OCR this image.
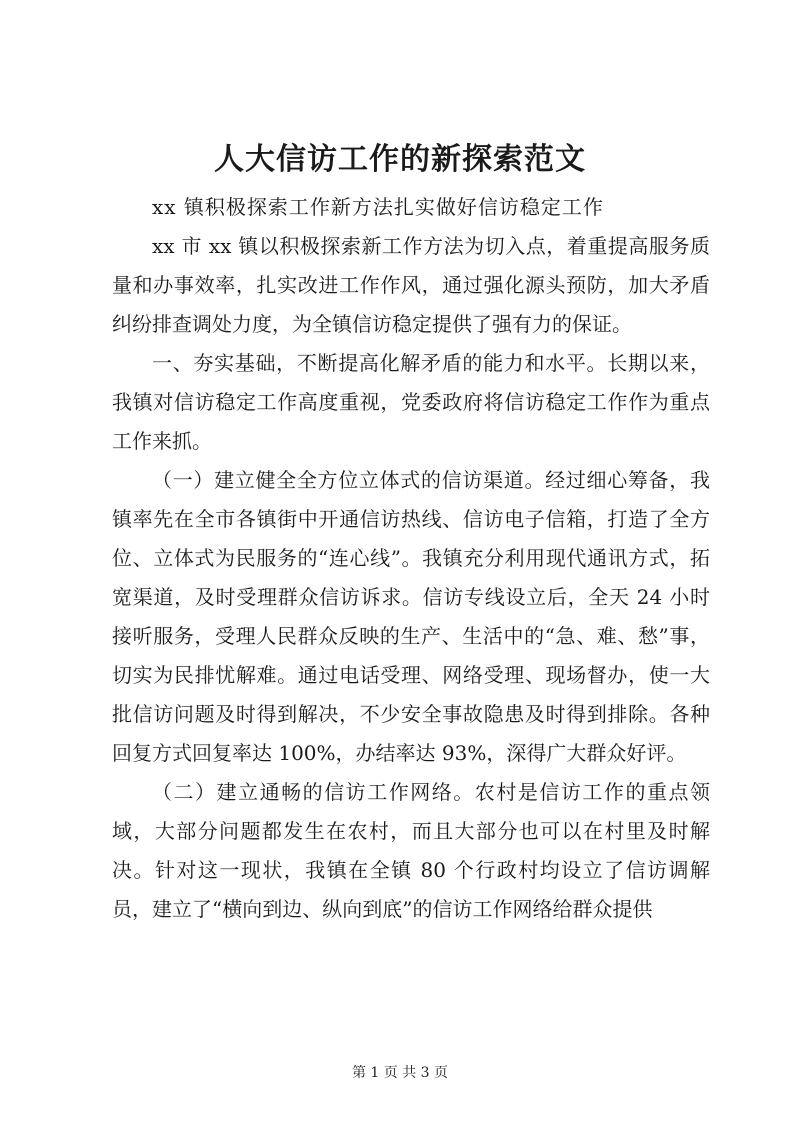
人大信访工作的新探索范文

xx 镇积极探索工作新方法扎实做好信访稳定工作

xx 市 xx 镇以积极探索新工作方法为切入点，着重提高服务质量和办事效率，扎实改进工作作风，通过强化源头预防，加大矛盾纠纷排查调处力度，为全镇信访稳定提供了强有力的保证。

一、夯实基础，不断提高化解矛盾的能力和水平。长期以来，我镇对信访稳定工作高度重视，党委政府将信访稳定工作作为重点工作来抓。

（一）建立健全全方位立体式的信访渠道。经过细心筹备，我镇率先在全市各镇街中开通信访热线、信访电子信箱，打造了全方位、立体式为民服务的“连心线”。我镇充分利用现代通讯方式，拓宽渠道，及时受理群众信访诉求。信访专线设立后，全天 24 小时接听服务，受理人民群众反映的生产、生活中的“急、难、愁”事，切实为民排忧解难。通过电话受理、网络受理、现场督办，使一大批信访问题及时得到解决，不少安全事故隐患及时得到排除。各种回复方式回复率达 100%，办结率达 93%，深得广大群众好评。

（二）建立通畅的信访工作网络。农村是信访工作的重点领域，大部分问题都发生在农村，而且大部分也可以在村里及时解决。针对这一现状，我镇在全镇 80 个行政村均设立了信访调解员，建立了“横向到边、纵向到底”的信访工作网络给群众提供

第 1 页 共 3 页
